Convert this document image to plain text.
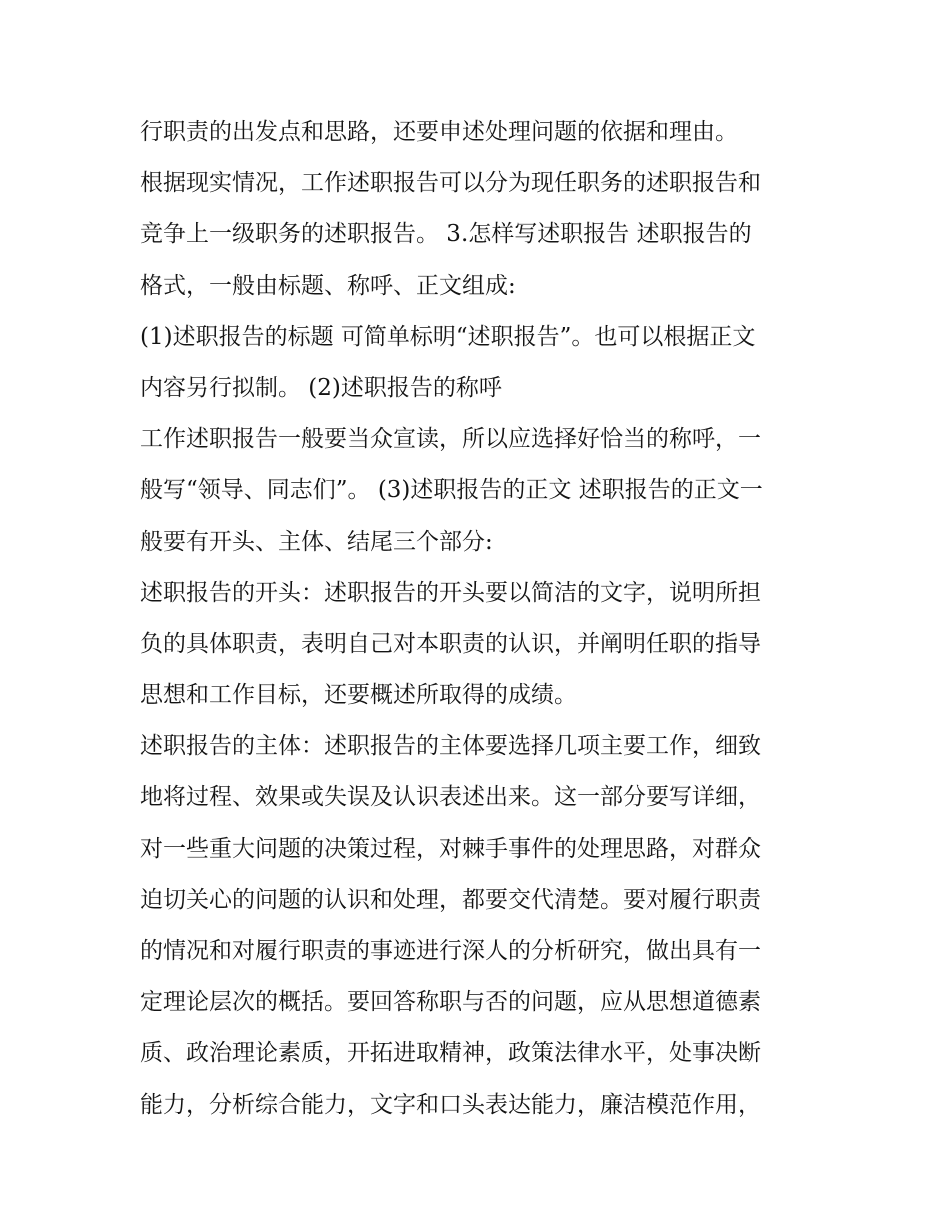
行职责的出发点和思路，还要申述处理问题的依据和理由。
根据现实情况，工作述职报告可以分为现任职务的述职报告和
竞争上一级职务的述职报告。 3.怎样写述职报告 述职报告的
格式，一般由标题、称呼、正文组成:
(1)述职报告的标题 可简单标明“述职报告”。也可以根据正文
内容另行拟制。 (2)述职报告的称呼
工作述职报告一般要当众宣读，所以应选择好恰当的称呼，一
般写“领导、同志们”。 (3)述职报告的正文 述职报告的正文一
般要有开头、主体、结尾三个部分:
述职报告的开头：述职报告的开头要以简洁的文字，说明所担
负的具体职责，表明自己对本职责的认识，并阐明任职的指导
思想和工作目标，还要概述所取得的成绩。
述职报告的主体：述职报告的主体要选择几项主要工作，细致
地将过程、效果或失误及认识表述出来。这一部分要写详细，
对一些重大问题的决策过程，对棘手事件的处理思路，对群众
迫切关心的问题的认识和处理，都要交代清楚。要对履行职责
的情况和对履行职责的事迹进行深人的分析研究，做出具有一
定理论层次的概括。要回答称职与否的问题，应从思想道德素
质、政治理论素质，开拓进取精神，政策法律水平，处事决断
能力，分析综合能力，文字和口头表达能力，廉洁模范作用，
